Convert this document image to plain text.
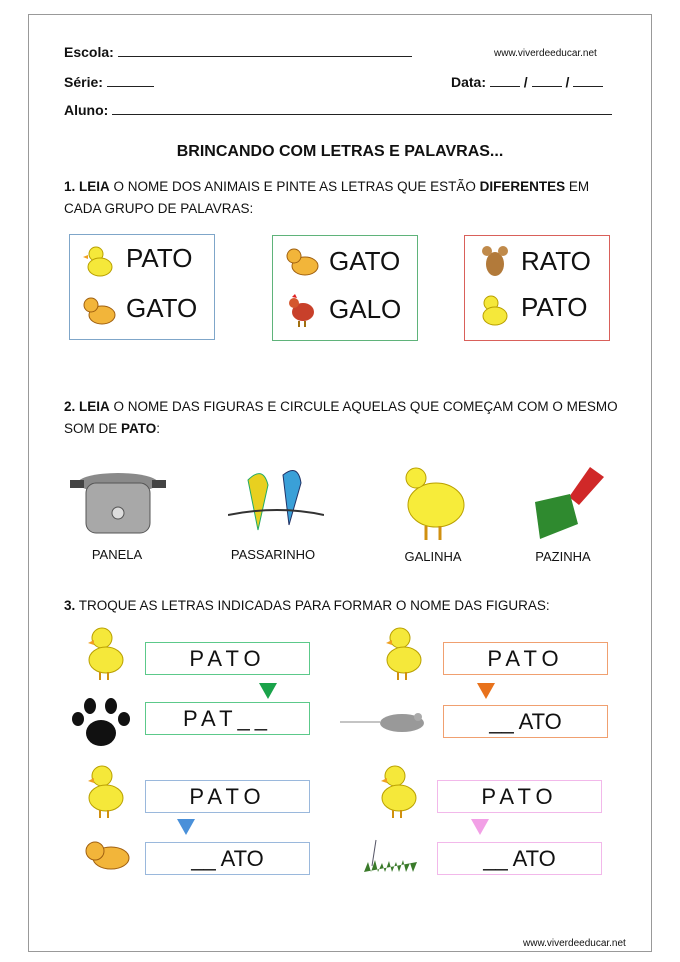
Escola:	www.viverdeeducar.net
Série:	Data:	/	/
Aluno:
BRINCANDO COM LETRAS E PALAVRAS...
1. LEIA O NOME DOS ANIMAIS E PINTE AS LETRAS QUE ESTÃO DIFERENTES EM CADA GRUPO DE PALAVRAS:
PATO
GATO
GATO
GALO
RATO
PATO
2. LEIA O NOME DAS FIGURAS E CIRCULE AQUELAS QUE COMEÇAM COM O MESMO SOM DE PATO:
PANELA	PASSARINHO	GALINHA	PAZINHA
3. TROQUE AS LETRAS INDICADAS PARA FORMAR O NOME DAS FIGURAS:
PATO
PAT__
PATO
__ ATO
PATO
__ ATO
PATO
__ ATO
www.viverdeeducar.net
